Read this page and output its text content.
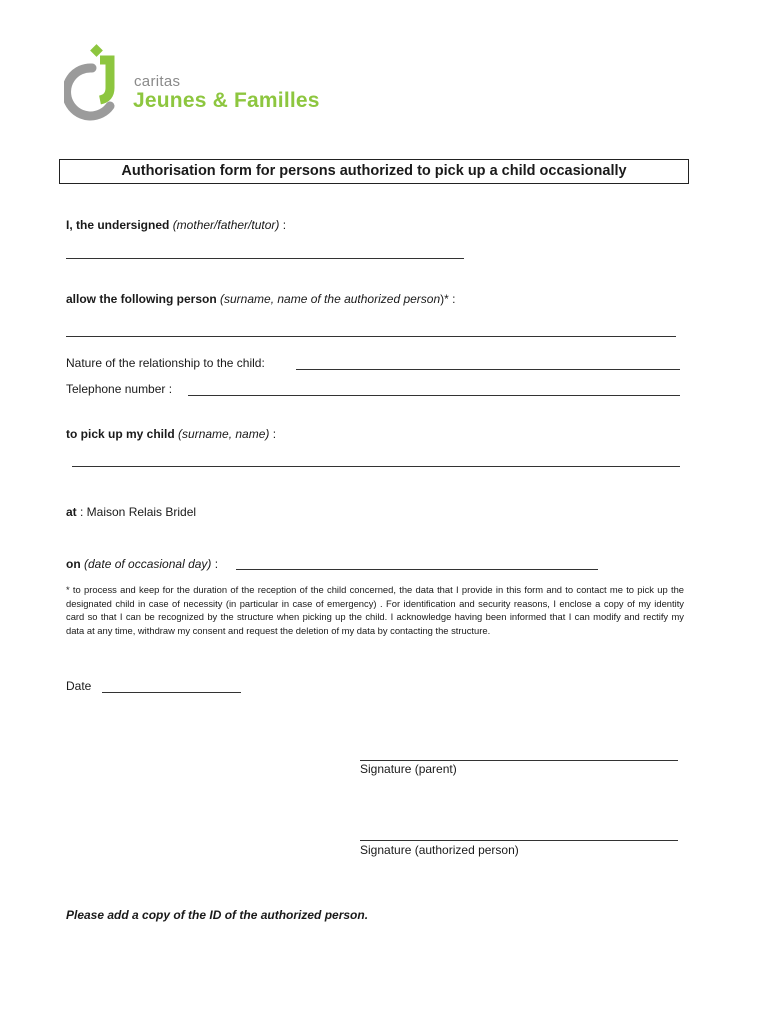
caritas
Jeunes & Familles
Authorisation form for persons authorized to pick up a child occasionally
I, the undersigned (mother/father/tutor) :
allow the following person (surname, name of the authorized person)* :
Nature of the relationship to the child:
Telephone number :
to pick up my child (surname, name) :
at : Maison Relais Bridel
on (date of occasional day) :
* to process and keep for the duration of the reception of the child concerned, the data that I provide in this form and to contact me to pick up the designated child in case of necessity (in particular in case of emergency) . For identification and security reasons, I enclose a copy of my identity card so that I can be recognized by the structure when picking up the child. I acknowledge having been informed that I can modify and rectify my data at any time, withdraw my consent and request the deletion of my data by contacting the structure.
Date
Signature (parent)
Signature (authorized person)
Please add a copy of the ID of the authorized person.
